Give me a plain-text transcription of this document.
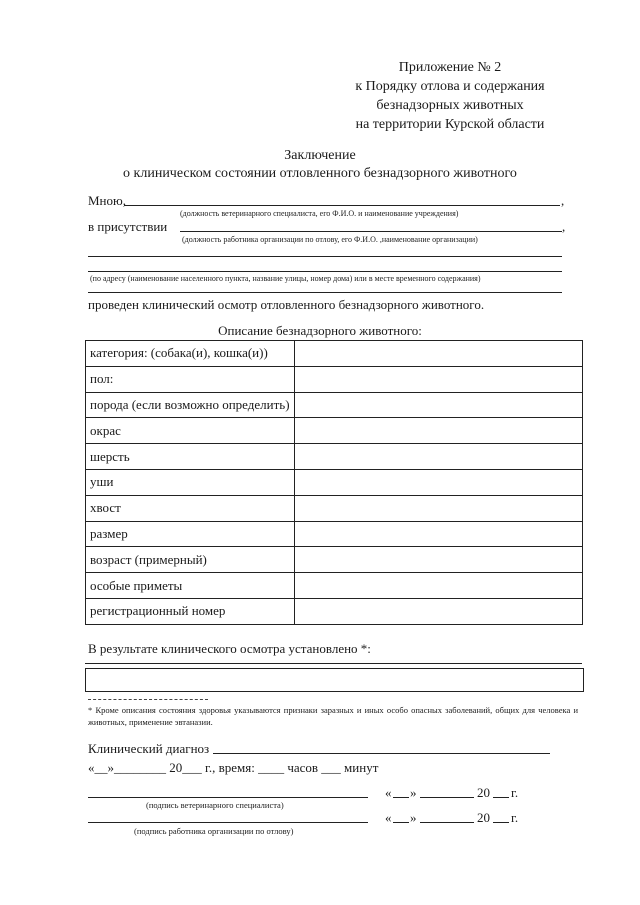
Приложение № 2
к Порядку отлова и содержания
безнадзорных животных
на территории Курской области
Заключение
о клиническом состоянии отловленного безнадзорного животного
Мною,	,
(должность ветеринарного специалиста, его Ф.И.О. и наименование учреждения)
в присутствии	,
(должность работника организации по отлову, его Ф.И.О. ,наименование организации)
(по адресу (наименование населенного пункта, название улицы, номер дома) или в месте временного содержания)
проведен клинический осмотр отловленного безнадзорного животного.
Описание безнадзорного животного:
категория: (собака(и), кошка(и))	
пол:	
порода (если возможно определить)	
окрас	
шерсть	
уши	
хвост	
размер	
возраст (примерный)	
особые приметы	
регистрационный номер	
В результате клинического осмотра установлено *:
* Кроме описания состояния здоровья указываются признаки заразных и иных особо опасных заболеваний, общих для человека и животных, применение эвтаназии.
Клинический диагноз
«__»________ 20___ г., время: ____ часов ___ минут
(подпись ветеринарного специалиста)
« »	20 г.
(подпись работника организации по отлову)
« »	20 г.
